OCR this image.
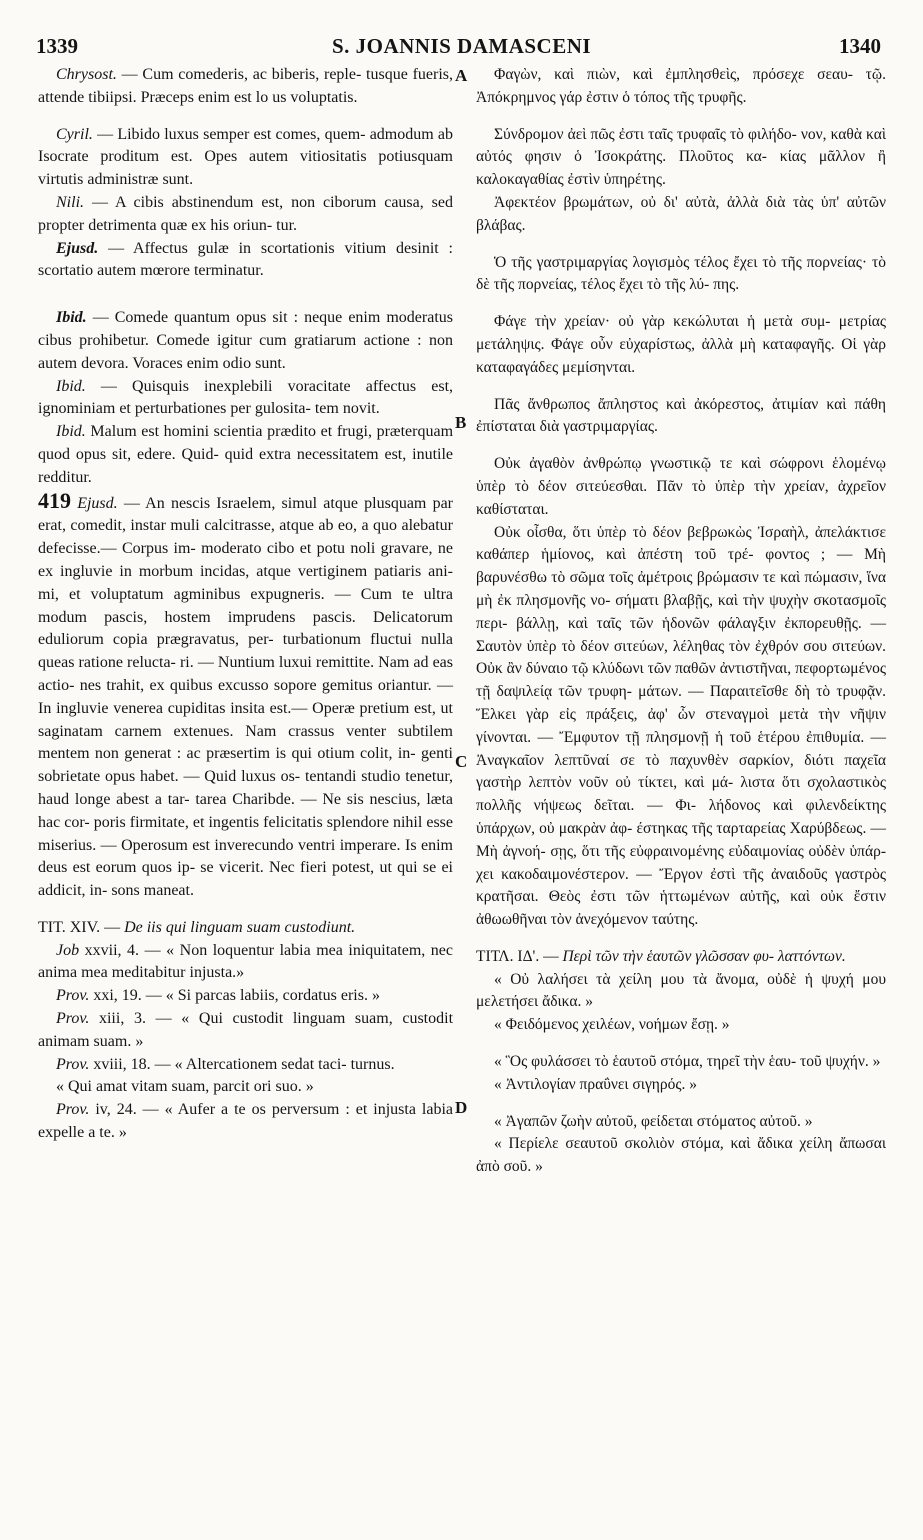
1339	S. JOANNIS DAMASCENI	1340
A
B
C
D

Chrysost. — Cum comederis, ac biberis, reple- tusque fueris, attende tibiipsi. Præceps enim est lo us voluptatis.

Cyril. — Libido luxus semper est comes, quem- admodum ab Isocrate proditum est. Opes autem vitiositatis potiusquam virtutis administræ sunt.

Nili. — A cibis abstinendum est, non ciborum causa, sed propter detrimenta quæ ex his oriun- tur.

Ejusd. — Affectus gulæ in scortationis vitium desinit : scortatio autem mœrore terminatur.

Ibid. — Comede quantum opus sit : neque enim moderatus cibus prohibetur. Comede igitur cum gratiarum actione : non autem devora. Voraces enim odio sunt.

Ibid. — Quisquis inexplebili voracitate affectus est, ignominiam et perturbationes per gulosita- tem novit.

Ibid. Malum est homini scientia prædito et frugi, præterquam quod opus sit, edere. Quid- quid extra necessitatem est, inutile redditur.

419 Ejusd. — An nescis Israelem, simul atque plusquam par erat, comedit, instar muli calcitrasse, atque ab eo, a quo alebatur defecisse.— Corpus im- moderato cibo et potu noli gravare, ne ex ingluvie in morbum incidas, atque vertiginem patiaris ani- mi, et voluptatum agminibus expugneris. — Cum te ultra modum pascis, hostem imprudens pascis. Delicatorum eduliorum copia prægravatus, per- turbationum fluctui nulla queas ratione relucta- ri. — Nuntium luxui remittite. Nam ad eas actio- nes trahit, ex quibus excusso sopore gemitus oriantur. — In ingluvie venerea cupiditas insita est.— Operæ pretium est, ut saginatam carnem extenues. Nam crassus venter subtilem mentem non generat : ac præsertim is qui otium colit, in- genti sobrietate opus habet. — Quid luxus os- tentandi studio tenetur, haud longe abest a tar- tarea Charibde. — Ne sis nescius, læta hac cor- poris firmitate, et ingentis felicitatis splendore nihil esse miserius. — Operosum est inverecundo ventri imperare. Is enim deus est eorum quos ip- se vicerit. Nec fieri potest, ut qui se ei addicit, in- sons maneat.

TIT. XIV. — De iis qui linguam suam custodiunt.

Job xxvii, 4. — « Non loquentur labia mea iniquitatem, nec anima mea meditabitur injusta.»

Prov. xxi, 19. — « Si parcas labiis, cordatus eris. »

Prov. xiii, 3. — « Qui custodit linguam suam, custodit animam suam. »

Prov. xviii, 18. — « Altercationem sedat taci- turnus.

« Qui amat vitam suam, parcit ori suo. »

Prov. iv, 24. — « Aufer a te os perversum : et injusta labia expelle a te. »

Φαγὼν, καὶ πιὼν, καὶ ἐμπλησθεὶς, πρόσεχε σεαυ- τῷ. Ἀπόκρημνος γάρ ἐστιν ὁ τόπος τῆς τρυφῆς.

Σύνδρομον ἀεὶ πῶς ἐστι ταῖς τρυφαῖς τὸ φιλήδο- νον, καθὰ καὶ αὐτός φησιν ὁ Ἰσοκράτης. Πλοῦτος κα- κίας μᾶλλον ἢ καλοκαγαθίας ἐστὶν ὑπηρέτης.

Ἀφεκτέον βρωμάτων, οὐ δι' αὐτὰ, ἀλλὰ διὰ τὰς ὑπ' αὐτῶν βλάβας.

Ὁ τῆς γαστριμαργίας λογισμὸς τέλος ἔχει τὸ τῆς πορνείας· τὸ δὲ τῆς πορνείας, τέλος ἔχει τὸ τῆς λύ- πης.

Φάγε τὴν χρείαν· οὐ γὰρ κεκώλυται ἡ μετὰ συμ- μετρίας μετάληψις. Φάγε οὖν εὐχαρίστως, ἀλλὰ μὴ καταφαγῆς. Οἱ γὰρ καταφαγάδες μεμίσηνται.

Πᾶς ἄνθρωπος ἄπληστος καὶ ἀκόρεστος, ἀτιμίαν καὶ πάθη ἐπίσταται διὰ γαστριμαργίας.

Οὐκ ἀγαθὸν ἀνθρώπῳ γνωστικῷ τε καὶ σώφρονι ἑλομένῳ ὑπὲρ τὸ δέον σιτεύεσθαι. Πᾶν τὸ ὑπὲρ τὴν χρείαν, ἀχρεῖον καθίσταται.

Οὐκ οἶσθα, ὅτι ὑπὲρ τὸ δέον βεβρωκὼς Ἰσραὴλ, ἀπελάκτισε καθάπερ ἡμίονος, καὶ ἀπέστη τοῦ τρέ- φοντος ; — Μὴ βαρυνέσθω τὸ σῶμα τοῖς ἀμέτροις βρώμασιν τε καὶ πώμασιν, ἵνα μὴ ἐκ πλησμονῆς νο- σήματι βλαβῇς, καὶ τὴν ψυχὴν σκοτασμοῖς περι- βάλλῃ, καὶ ταῖς τῶν ἡδονῶν φάλαγξιν ἐκπορευθῇς. — Σαυτὸν ὑπὲρ τὸ δέον σιτεύων, λέληθας τὸν ἐχθρόν σου σιτεύων. Οὐκ ἂν δύναιο τῷ κλύδωνι τῶν παθῶν ἀντιστῆναι, πεφορτωμένος τῇ δαψιλείᾳ τῶν τρυφη- μάτων. — Παραιτεῖσθε δὴ τὸ τρυφᾷν. Ἕλκει γὰρ εἰς πράξεις, ἀφ' ὧν στεναγμοὶ μετὰ τὴν νῆψιν γίνονται. — Ἔμφυτον τῇ πλησμονῇ ἡ τοῦ ἑτέρου ἐπιθυμία. — Ἀναγκαῖον λεπτῦναί σε τὸ παχυνθὲν σαρκίον, διότι παχεῖα γαστὴρ λεπτὸν νοῦν οὐ τίκτει, καὶ μά- λιστα ὅτι σχολαστικὸς πολλῆς νήψεως δεῖται. — Φι- λήδονος καὶ φιλενδείκτης ὑπάρχων, οὐ μακρὰν ἀφ- έστηκας τῆς ταρταρείας Χαρύβδεως. — Μὴ ἀγνοή- σῃς, ὅτι τῆς εὐφραινομένης εὐδαιμονίας οὐδὲν ὑπάρ- χει κακοδαιμονέστερον. — Ἔργον ἐστὶ τῆς ἀναιδοῦς γαστρὸς κρατῆσαι. Θεὸς ἐστι τῶν ἡττωμένων αὐτῆς, καὶ οὐκ ἔστιν ἀθωωθῆναι τὸν ἀνεχόμενον ταύτης.

ΤΙΤΛ. ΙΔ'. — Περὶ τῶν τὴν ἑαυτῶν γλῶσσαν φυ- λαττόντων.

« Οὐ λαλήσει τὰ χείλη μου τὰ ἄνομα, οὐδὲ ἡ ψυχή μου μελετήσει ἄδικα. »

« Φειδόμενος χειλέων, νοήμων ἔσῃ. »

« Ὃς φυλάσσει τὸ ἑαυτοῦ στόμα, τηρεῖ τὴν ἑαυ- τοῦ ψυχήν. »

« Ἀντιλογίαν πραΰνει σιγηρός. »

« Ἀγαπῶν ζωὴν αὐτοῦ, φείδεται στόματος αὐτοῦ. »

« Περίελε σεαυτοῦ σκολιὸν στόμα, καὶ ἄδικα χείλη ἄπωσαι ἀπὸ σοῦ. »
